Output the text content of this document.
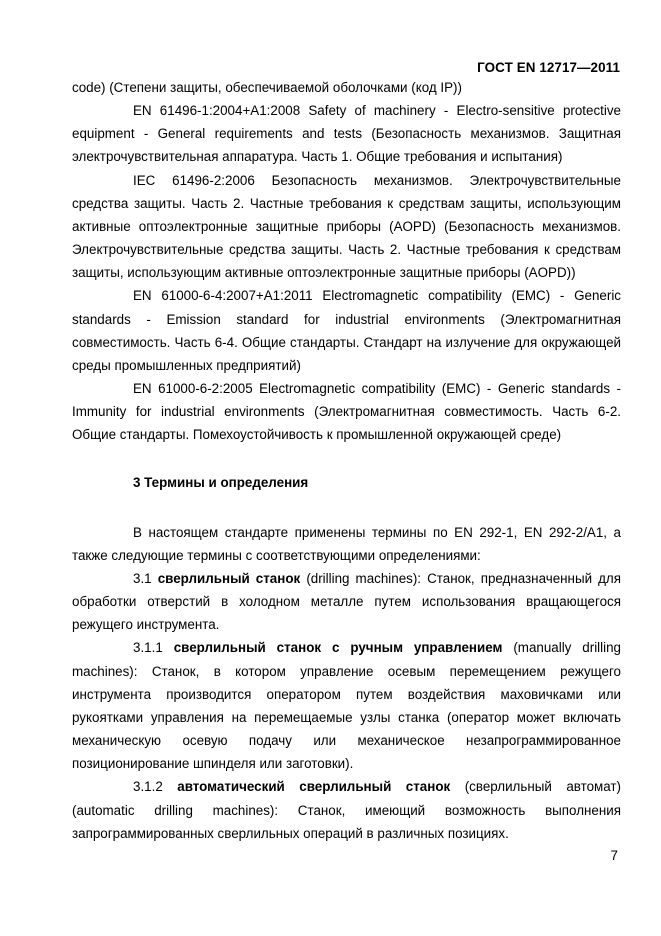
ГОСТ EN 12717—2011

code) (Степени защиты, обеспечиваемой оболочками (код IP))

EN 61496-1:2004+A1:2008 Safety of machinery - Electro-sensitive protective equipment - General requirements and tests (Безопасность механизмов. Защитная электрочувствительная аппаратура. Часть 1. Общие требования и испытания)

IEC 61496-2:2006 Безопасность механизмов. Электрочувствительные средства защиты. Часть 2. Частные требования к средствам защиты, использующим активные оптоэлектронные защитные приборы (AOPD) (Безопасность механизмов. Электрочувствительные средства защиты. Часть 2. Частные требования к средствам защиты, использующим активные оптоэлектронные защитные приборы (AOPD))

EN 61000-6-4:2007+A1:2011 Electromagnetic compatibility (EMC) - Generic standards - Emission standard for industrial environments (Электромагнитная совместимость. Часть 6-4. Общие стандарты. Стандарт на излучение для окружающей среды промышленных предприятий)

EN 61000-6-2:2005 Electromagnetic compatibility (EMC) - Generic standards - Immunity for industrial environments (Электромагнитная совместимость. Часть 6-2. Общие стандарты. Помехоустойчивость к промышленной окружающей среде)

3 Термины и определения

В настоящем стандарте применены термины по EN 292-1, EN 292-2/A1, а также следующие термины с соответствующими определениями:

3.1 сверлильный станок (drilling machines): Станок, предназначенный для обработки отверстий в холодном металле путем использования вращающегося режущего инструмента.

3.1.1 сверлильный станок с ручным управлением (manually drilling machines): Станок, в котором управление осевым перемещением режущего инструмента производится оператором путем воздействия маховичками или рукоятками управления на перемещаемые узлы станка (оператор может включать механическую осевую подачу или механическое незапрограммированное позиционирование шпинделя или заготовки).

3.1.2 автоматический сверлильный станок (сверлильный автомат) (automatic drilling machines): Станок, имеющий возможность выполнения запрограммированных сверлильных операций в различных позициях.

7
